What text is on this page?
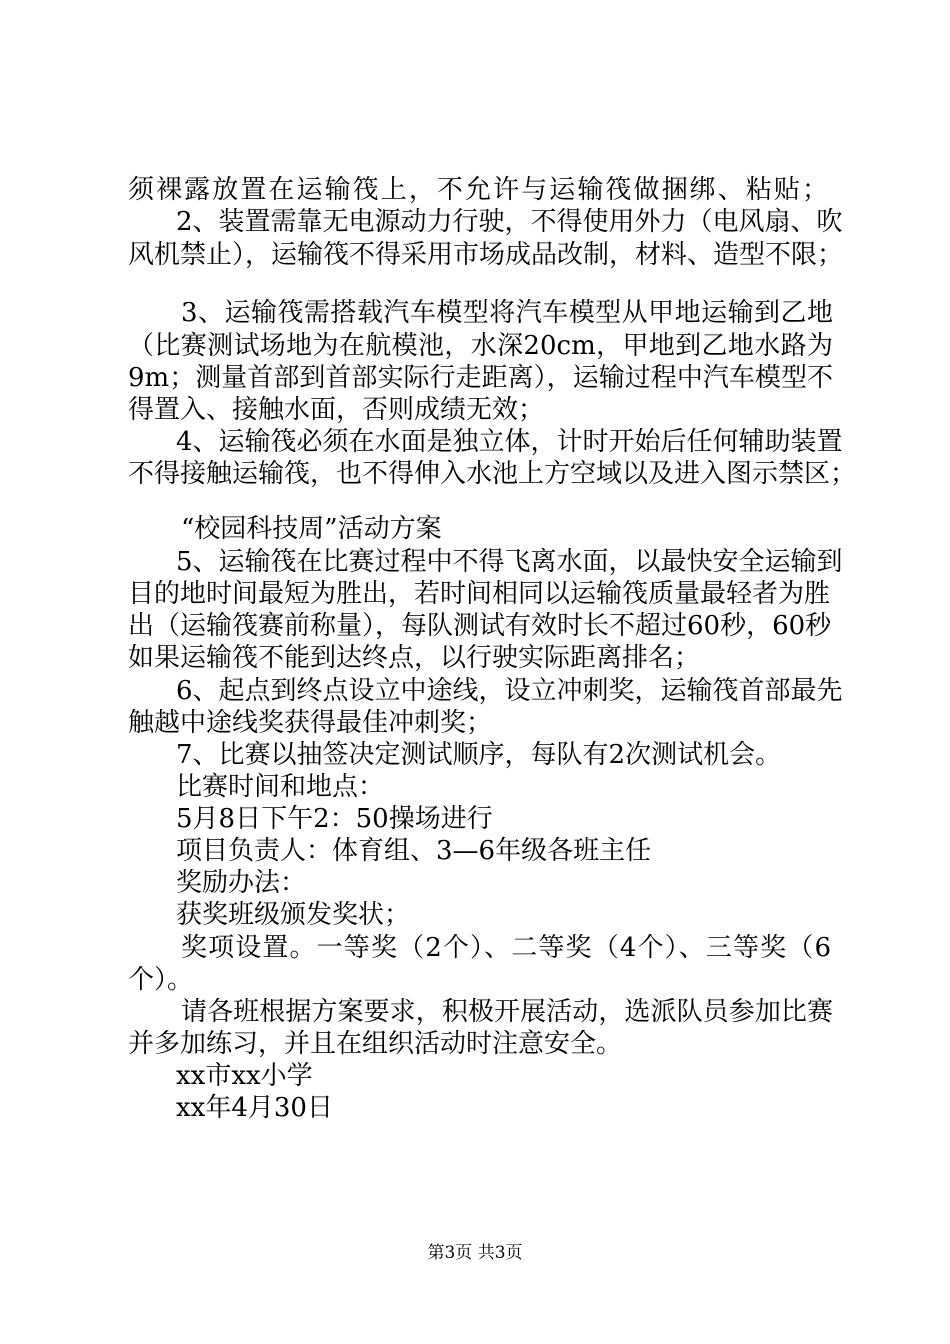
须裸露放置在运输筏上，不允许与运输筏做捆绑、粘贴；

2、装置需靠无电源动力行驶，不得使用外力（电风扇、吹

风机禁止），运输筏不得采用市场成品改制，材料、造型不限；

3、运输筏需搭载汽车模型将汽车模型从甲地运输到乙地

（比赛测试场地为在航模池，水深20cm，甲地到乙地水路为

9m；测量首部到首部实际行走距离），运输过程中汽车模型不

得置入、接触水面，否则成绩无效；

4、运输筏必须在水面是独立体，计时开始后任何辅助装置

不得接触运输筏，也不得伸入水池上方空域以及进入图示禁区；

“校园科技周”活动方案

5、运输筏在比赛过程中不得飞离水面，以最快安全运输到

目的地时间最短为胜出，若时间相同以运输筏质量最轻者为胜

出（运输筏赛前称量），每队测试有效时长不超过60秒，60秒

如果运输筏不能到达终点，以行驶实际距离排名；

6、起点到终点设立中途线，设立冲刺奖，运输筏首部最先

触越中途线奖获得最佳冲刺奖；

7、比赛以抽签决定测试顺序，每队有2次测试机会。

比赛时间和地点：

5月8日下午2：50操场进行

项目负责人：体育组、3—6年级各班主任

奖励办法：

获奖班级颁发奖状；

奖项设置。一等奖（2个）、二等奖（4个）、三等奖（6

个）。

请各班根据方案要求，积极开展活动，选派队员参加比赛

并多加练习，并且在组织活动时注意安全。

xx市xx小学

xx年4月30日

第3页 共3页
